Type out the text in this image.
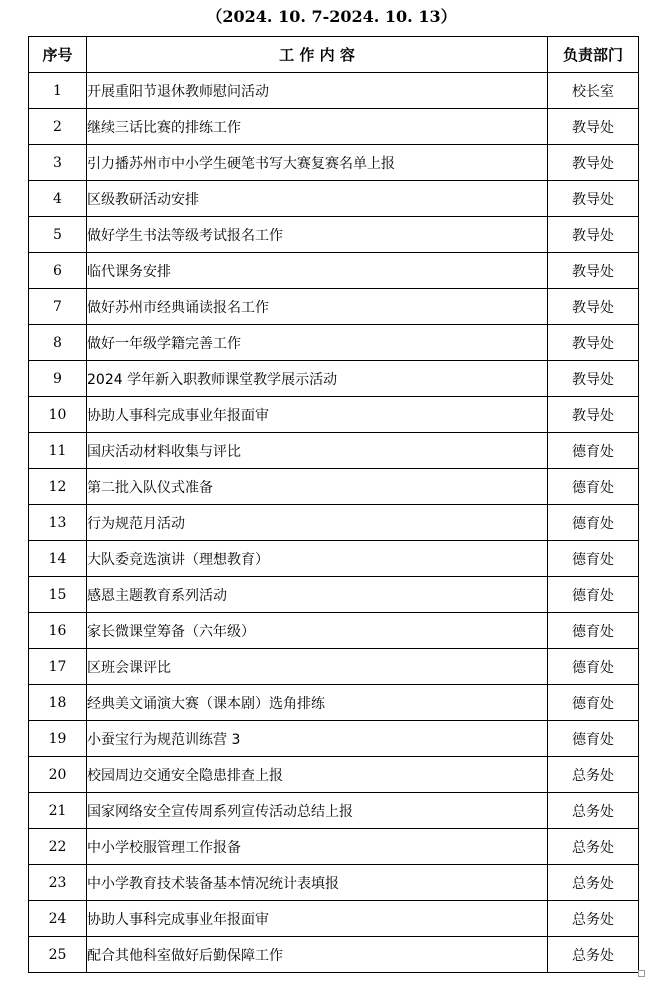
（2024. 10. 7-2024. 10. 13）
序号	工 作 内 容	负责部门
1	开展重阳节退休教师慰问活动	校长室
2	继续三话比赛的排练工作	教导处
3	引力播苏州市中小学生硬笔书写大赛复赛名单上报	教导处
4	区级教研活动安排	教导处
5	做好学生书法等级考试报名工作	教导处
6	临代课务安排	教导处
7	做好苏州市经典诵读报名工作	教导处
8	做好一年级学籍完善工作	教导处
9	2024 学年新入职教师课堂教学展示活动	教导处
10	协助人事科完成事业年报面审	教导处
11	国庆活动材料收集与评比	德育处
12	第二批入队仪式准备	德育处
13	行为规范月活动	德育处
14	大队委竞选演讲（理想教育）	德育处
15	感恩主题教育系列活动	德育处
16	家长微课堂筹备（六年级）	德育处
17	区班会课评比	德育处
18	经典美文诵演大赛（课本剧）选角排练	德育处
19	小蚕宝行为规范训练营 3	德育处
20	校园周边交通安全隐患排查上报	总务处
21	国家网络安全宣传周系列宣传活动总结上报	总务处
22	中小学校服管理工作报备	总务处
23	中小学教育技术装备基本情况统计表填报	总务处
24	协助人事科完成事业年报面审	总务处
25	配合其他科室做好后勤保障工作	总务处
